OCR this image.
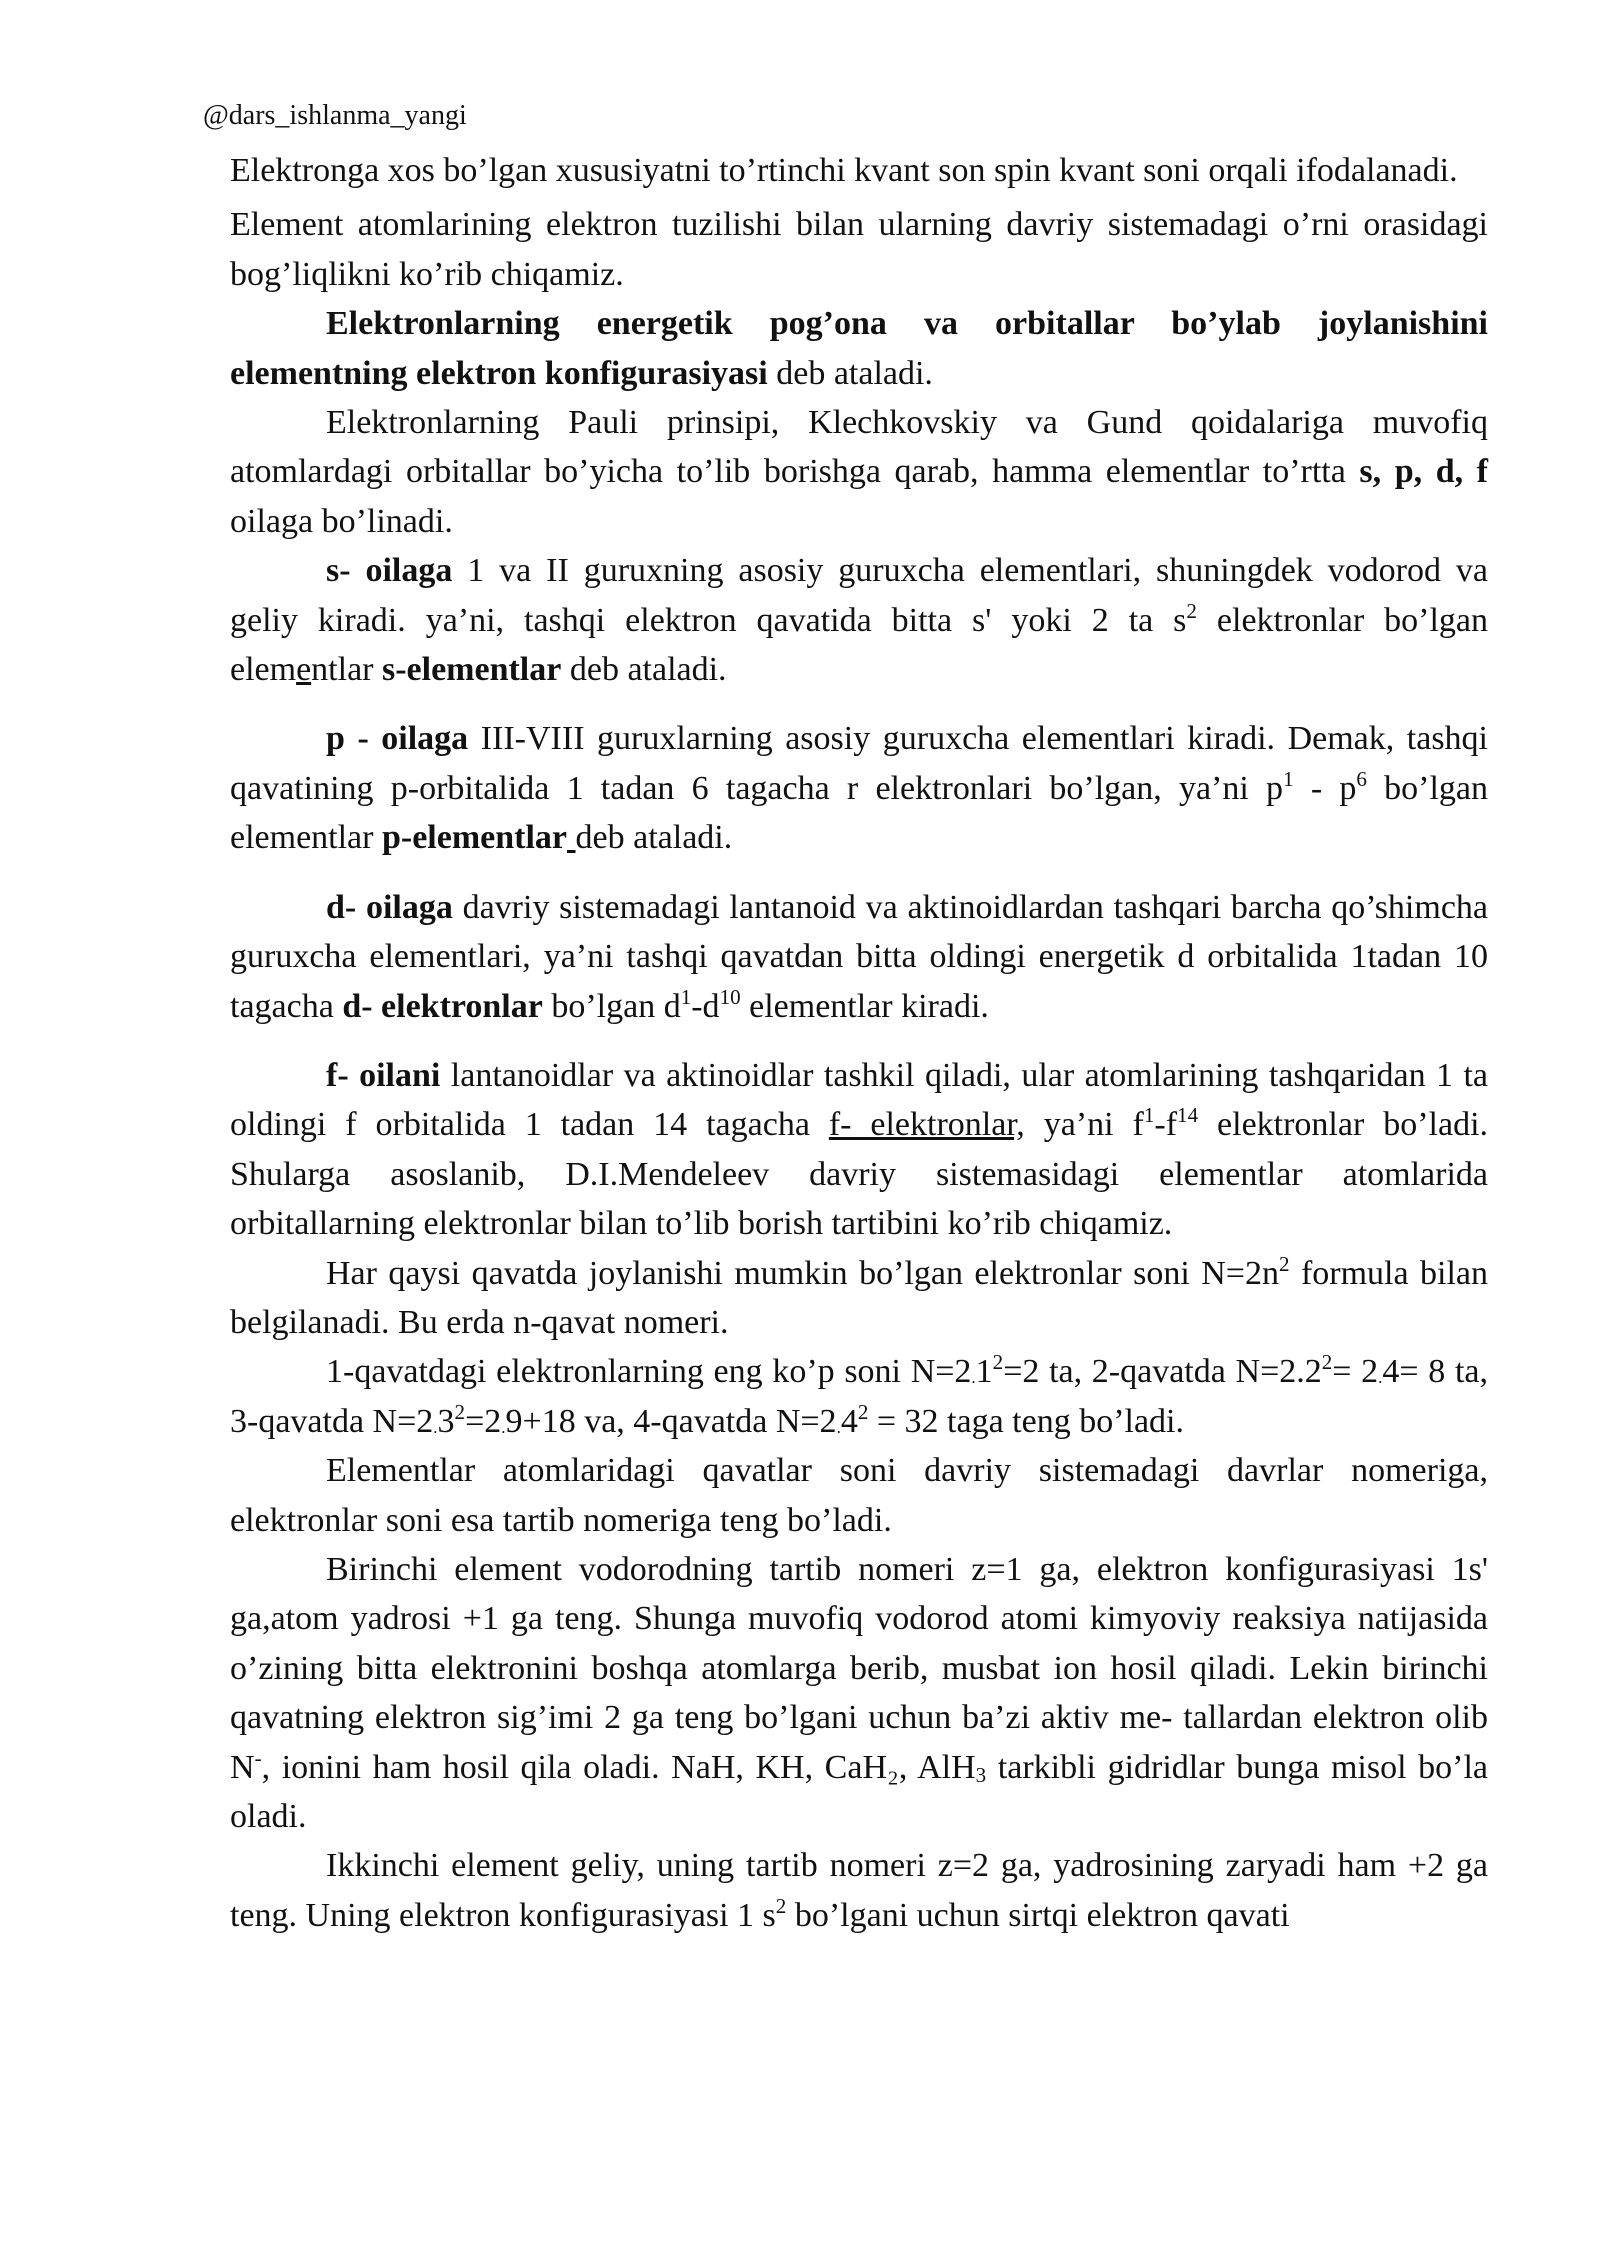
@dars_ishlanma_yangi

Elektronga xos bo’lgan xususiyatni to’rtinchi kvant son spin kvant soni orqali ifodalanadi.

Element atomlarining elektron tuzilishi bilan ularning davriy sistemadagi o’rni orasidagi bog’liqlikni ko’rib chiqamiz.

Elektronlarning energetik pog’ona va orbitallar bo’ylab joylanishini elementning elektron konfigurasiyasi deb ataladi.

Elektronlarning Pauli prinsipi, Klechkovskiy va Gund qoidalariga muvofiq atomlardagi orbitallar bo’yicha to’lib borishga qarab, hamma elementlar to’rtta s, p, d, f oilaga bo’linadi.

s- oilaga 1 va II guruxning asosiy guruxcha elementlari, shuningdek vodorod va geliy kiradi. ya’ni, tashqi elektron qavatida bitta s' yoki 2 ta $s^2$ elektronlar bo’lgan elementlar s-elementlar deb ataladi.

p - oilaga III-VIII guruxlarning asosiy guruxcha elementlari kiradi. Demak, tashqi qavatining p-orbitalida 1 tadan 6 tagacha r elektronlari bo’lgan, ya’ni $p^1 - p^6$ bo’lgan elementlar p-elementlar deb ataladi.

d- oilaga davriy sistemadagi lantanoid va aktinoidlardan tashqari barcha qo’shimcha guruxcha elementlari, ya’ni tashqi qavatdan bitta oldingi energetik d orbitalida 1tadan 10 tagacha d- elektronlar bo’lgan $d^1-d^{10}$ elementlar kiradi.

f- oilani lantanoidlar va aktinoidlar tashkil qiladi, ular atomlarining tashqaridan 1 ta oldingi f orbitalida 1 tadan 14 tagacha f- elektronlar, ya’ni $f^1-f^{14}$ elektronlar bo’ladi. Shularga asoslanib, D.I.Mendeleev davriy sistemasidagi elementlar atomlarida orbitallarning elektronlar bilan to’lib borish tartibini ko’rib chiqamiz.

Har qaysi qavatda joylanishi mumkin bo’lgan elektronlar soni $N=2n^2$ formula bilan belgilanadi. Bu erda n-qavat nomeri.

1-qavatdagi elektronlarning eng ko’p soni $N=2.1^2=2$ ta, 2-qavatda $N=2.2^2= 2.4= 8$ ta, 3-qavatda $N=2.3^2=2.9+18$ va, 4-qavatda $N=2.4^2 = 32$ taga teng bo’ladi.

Elementlar atomlaridagi qavatlar soni davriy sistemadagi davrlar nomeriga, elektronlar soni esa tartib nomeriga teng bo’ladi.

Birinchi element vodorodning tartib nomeri z=1 ga, elektron konfigurasiyasi 1s' ga,atom yadrosi +1 ga teng. Shunga muvofiq vodorod atomi kimyoviy reaksiya natijasida o’zining bitta elektronini boshqa atomlarga berib, musbat ion hosil qiladi. Lekin birinchi qavatning elektron sig’imi 2 ga teng bo’lgani uchun ba’zi aktiv me- tallardan elektron olib N-, ionini ham hosil qila oladi. NaH, KH, CaH₂, AlH$_3$ tarkibli gidridlar bunga misol bo’la oladi.

Ikkinchi element geliy, uning tartib nomeri z=2 ga, yadrosining zaryadi ham +2 ga teng. Uning elektron konfigurasiyasi 1 $s^2$ bo’lgani uchun sirtqi elektron qavati
